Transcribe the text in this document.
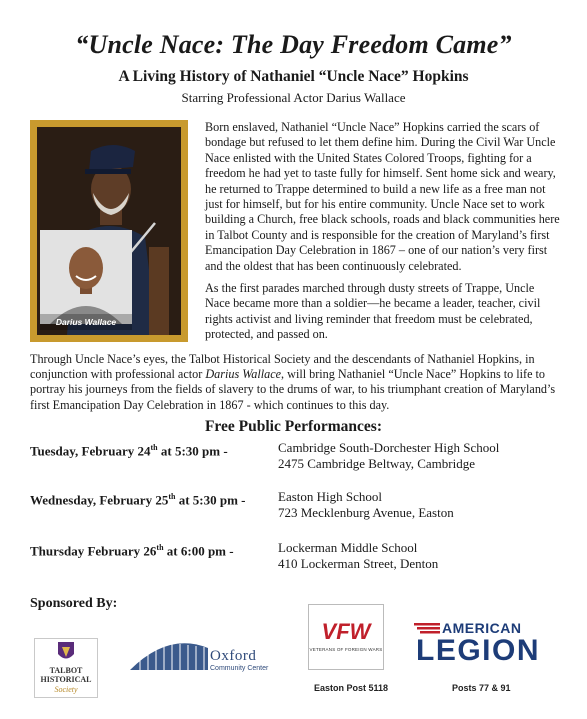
“Uncle Nace: The Day Freedom Came”
A Living History of Nathaniel “Uncle Nace” Hopkins
Starring Professional Actor Darius Wallace
Darius Wallace

Born enslaved, Nathaniel “Uncle Nace” Hopkins carried the scars of bondage but refused to let them define him. During the Civil War Uncle Nace enlisted with the United States Colored Troops, fighting for a freedom he had yet to taste fully for himself. Sent home sick and weary, he returned to Trappe determined to build a new life as a free man not just for himself, but for his entire community. Uncle Nace set to work building a Church, free black schools, roads and black communities here in Talbot County and is responsible for the creation of Maryland’s first Emancipation Day Celebration in 1867 – one of our nation’s very first and the oldest that has been continuously celebrated.

As the first parades marched through dusty streets of Trappe, Uncle Nace became more than a soldier—he became a leader, teacher, civil rights activist and living reminder that freedom must be celebrated, protected, and passed on.

Through Uncle Nace’s eyes, the Talbot Historical Society and the descendants of Nathaniel Hopkins, in conjunction with professional actor Darius Wallace, will bring Nathaniel “Uncle Nace” Hopkins to life to portray his journeys from the fields of slavery to the drums of war, to his triumphant creation of Maryland’s first Emancipation Day Celebration in 1867 - which continues to this day.
Free Public Performances:
Tuesday, February 24th at 5:30 pm -	Cambridge South-Dorchester High School
2475 Cambridge Beltway, Cambridge
Wednesday, February 25th at 5:30 pm -	Easton High School
723 Mecklenburg Avenue, Easton
Thursday February 26th at 6:00 pm -	Lockerman Middle School
410 Lockerman Street, Denton
Sponsored By:
TALBOT
HISTORICAL
Society
Oxford
Community Center
VFW
VETERANS OF FOREIGN WARS
Easton Post 5118
AMERICAN
LEGION
Posts 77 & 91
